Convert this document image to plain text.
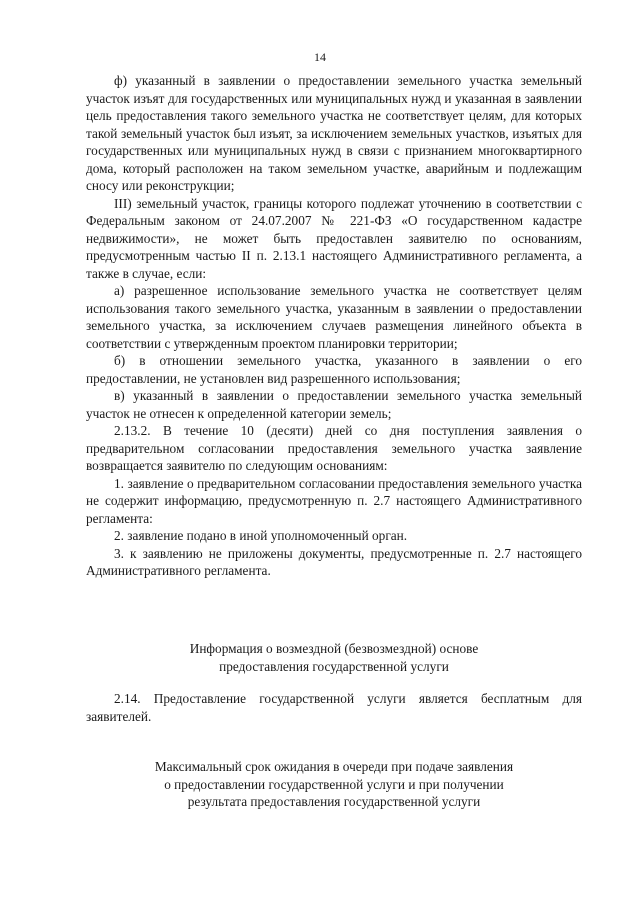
14

ф) указанный в заявлении о предоставлении земельного участка земельный участок изъят для государственных или муниципальных нужд и указанная в заявлении цель предоставления такого земельного участка не соответствует целям, для которых такой земельный участок был изъят, за исключением земельных участков, изъятых для государственных или муниципальных нужд в связи с признанием многоквартирного дома, который расположен на таком земельном участке, аварийным и подлежащим сносу или реконструкции;

III) земельный участок, границы которого подлежат уточнению в соответствии с Федеральным законом от 24.07.2007 № 221-ФЗ «О государственном кадастре недвижимости», не может быть предоставлен заявителю по основаниям, предусмотренным частью II п. 2.13.1 настоящего Административного регламента, а также в случае, если:

а) разрешенное использование земельного участка не соответствует целям использования такого земельного участка, указанным в заявлении о предоставлении земельного участка, за исключением случаев размещения линейного объекта в соответствии с утвержденным проектом планировки территории;

б) в отношении земельного участка, указанного в заявлении о его предоставлении, не установлен вид разрешенного использования;

в) указанный в заявлении о предоставлении земельного участка земельный участок не отнесен к определенной категории земель;

2.13.2. В течение 10 (десяти) дней со дня поступления заявления о предварительном согласовании предоставления земельного участка заявление возвращается заявителю по следующим основаниям:

1. заявление о предварительном согласовании предоставления земельного участка не содержит информацию, предусмотренную п. 2.7 настоящего Административного регламента:

2. заявление подано в иной уполномоченный орган.

3. к заявлению не приложены документы, предусмотренные п. 2.7 настоящего Административного регламента.

Информация о возмездной (безвозмездной) основе

предоставления государственной услуги

2.14. Предоставление государственной услуги является бесплатным для заявителей.

Максимальный срок ожидания в очереди при подаче заявления

о предоставлении государственной услуги и при получении

результата предоставления государственной услуги
